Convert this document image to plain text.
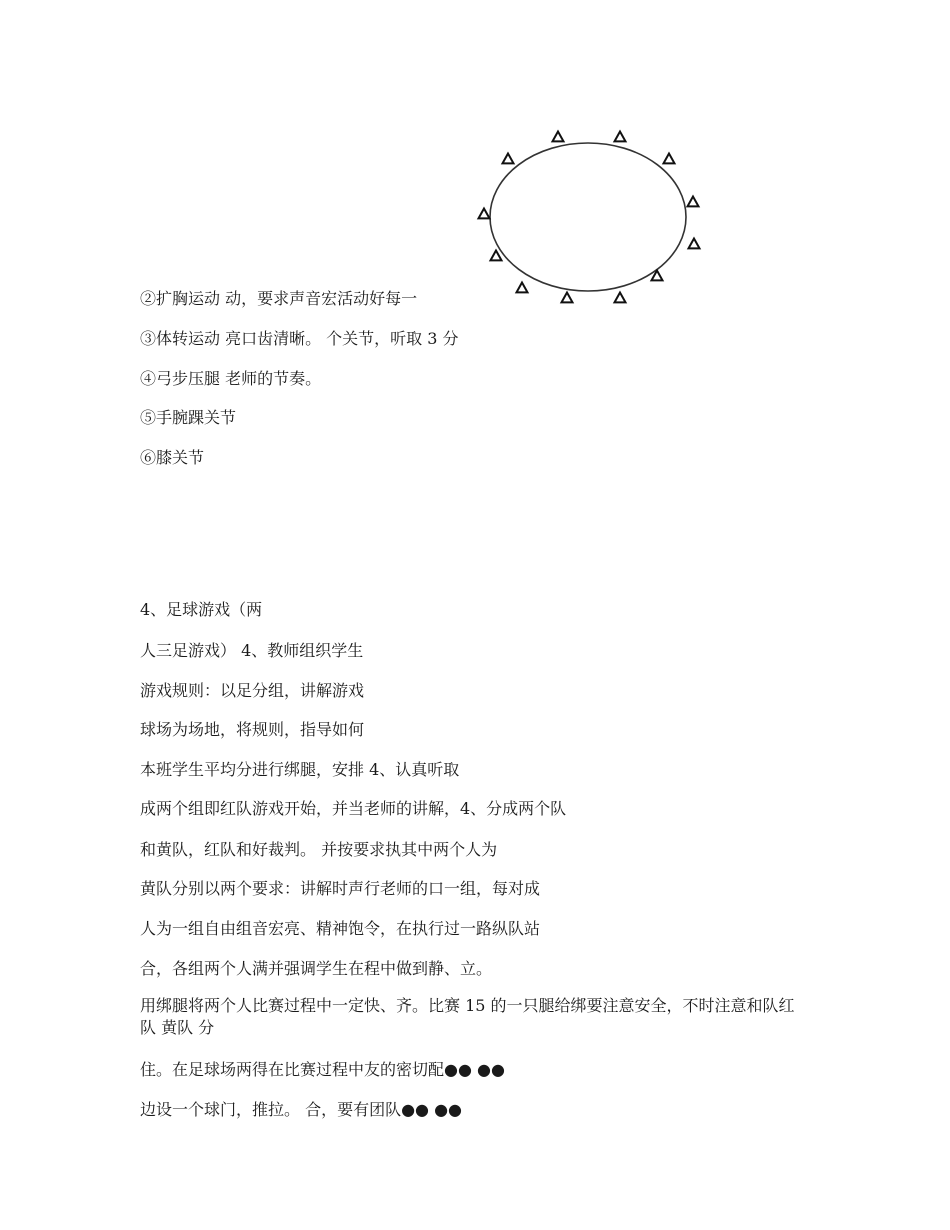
②扩胸运动 动，要求声音宏活动好每一

③体转运动 亮口齿清晰。 个关节，听取 3 分

④弓步压腿 老师的节奏。

⑤手腕踝关节

⑥膝关节

4、足球游戏（两

人三足游戏） 4、教师组织学生

游戏规则：以足分组，讲解游戏

球场为场地，将规则，指导如何

本班学生平均分进行绑腿，安排 4、认真听取

成两个组即红队游戏开始，并当老师的讲解，4、分成两个队

和黄队，红队和好裁判。 并按要求执其中两个人为

黄队分别以两个要求：讲解时声行老师的口一组，每对成

人为一组自由组音宏亮、精神饱令，在执行过一路纵队站

合，各组两个人满并强调学生在程中做到静、立。

用绑腿将两个人比赛过程中一定快、齐。比赛 15 的一只腿给绑要注意安全，不时注意和队红队 黄队 分

住。在足球场两得在比赛过程中友的密切配●● ●●

边设一个球门，推拉。 合，要有团队●● ●●
